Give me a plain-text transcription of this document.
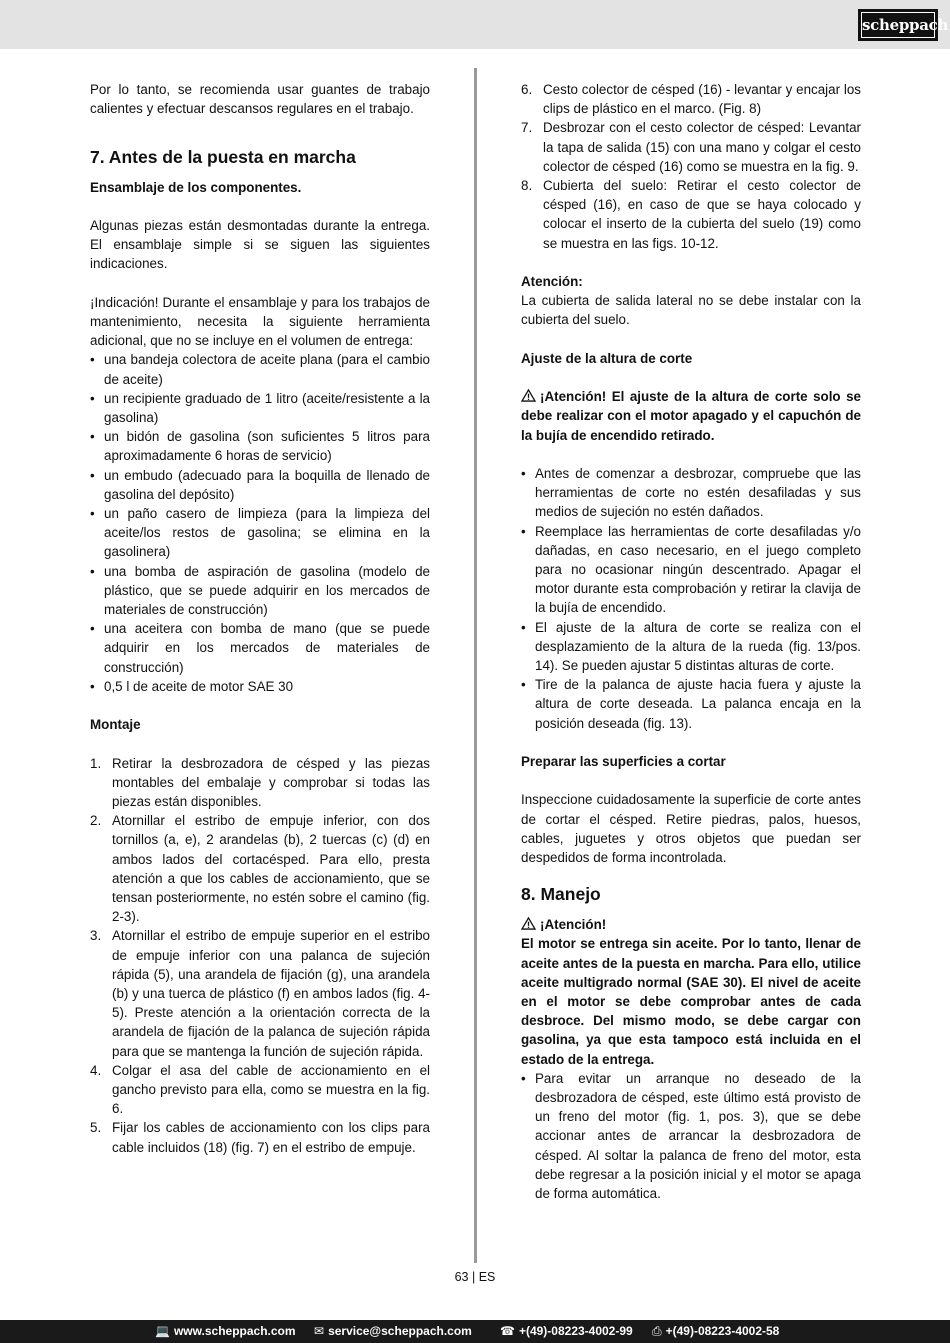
scheppach

Por lo tanto, se recomienda usar guantes de trabajo calientes y efectuar descansos regulares en el trabajo.

7. Antes de la puesta en marcha

Ensamblaje de los componentes.

Algunas piezas están desmontadas durante la entrega. El ensamblaje simple si se siguen las siguientes indicaciones.

¡Indicación! Durante el ensamblaje y para los trabajos de mantenimiento, necesita la siguiente herramienta adicional, que no se incluye en el volumen de entrega:

• una bandeja colectora de aceite plana (para el cambio de aceite)
• un recipiente graduado de 1 litro (aceite/resistente a la gasolina)
• un bidón de gasolina (son suficientes 5 litros para aproximadamente 6 horas de servicio)
• un embudo (adecuado para la boquilla de llenado de gasolina del depósito)
• un paño casero de limpieza (para la limpieza del aceite/los restos de gasolina; se elimina en la gasolinera)
• una bomba de aspiración de gasolina (modelo de plástico, que se puede adquirir en los mercados de materiales de construcción)
• una aceitera con bomba de mano (que se puede adquirir en los mercados de materiales de construcción)
• 0,5 l de aceite de motor SAE 30

Montaje

1. Retirar la desbrozadora de césped y las piezas montables del embalaje y comprobar si todas las piezas están disponibles.
2. Atornillar el estribo de empuje inferior, con dos tornillos (a, e), 2 arandelas (b), 2 tuercas (c) (d) en ambos lados del cortacésped. Para ello, presta atención a que los cables de accionamiento, que se tensan posteriormente, no estén sobre el camino (fig. 2-3).
3. Atornillar el estribo de empuje superior en el estribo de empuje inferior con una palanca de sujeción rápida (5), una arandela de fijación (g), una arandela (b) y una tuerca de plástico (f) en ambos lados (fig. 4-5). Preste atención a la orientación correcta de la arandela de fijación de la palanca de sujeción rápida para que se mantenga la función de sujeción rápida.
4. Colgar el asa del cable de accionamiento en el gancho previsto para ella, como se muestra en la fig. 6.
5. Fijar los cables de accionamiento con los clips para cable incluidos (18) (fig. 7) en el estribo de empuje.
6. Cesto colector de césped (16) - levantar y encajar los clips de plástico en el marco. (Fig. 8)
7. Desbrozar con el cesto colector de césped: Levantar la tapa de salida (15) con una mano y colgar el cesto colector de césped (16) como se muestra en la fig. 9.
8. Cubierta del suelo: Retirar el cesto colector de césped (16), en caso de que se haya colocado y colocar el inserto de la cubierta del suelo (19) como se muestra en las figs. 10-12.

Atención:

La cubierta de salida lateral no se debe instalar con la cubierta del suelo.

Ajuste de la altura de corte

¡Atención! El ajuste de la altura de corte solo se debe realizar con el motor apagado y el capuchón de la bujía de encendido retirado.

• Antes de comenzar a desbrozar, compruebe que las herramientas de corte no estén desafiladas y sus medios de sujeción no estén dañados.
• Reemplace las herramientas de corte desafiladas y/o dañadas, en caso necesario, en el juego completo para no ocasionar ningún descentrado. Apagar el motor durante esta comprobación y retirar la clavija de la bujía de encendido.
• El ajuste de la altura de corte se realiza con el desplazamiento de la altura de la rueda (fig. 13/pos. 14). Se pueden ajustar 5 distintas alturas de corte.
• Tire de la palanca de ajuste hacia fuera y ajuste la altura de corte deseada. La palanca encaja en la posición deseada (fig. 13).

Preparar las superficies a cortar

Inspeccione cuidadosamente la superficie de corte antes de cortar el césped. Retire piedras, palos, huesos, cables, juguetes y otros objetos que puedan ser despedidos de forma incontrolada.

8. Manejo

¡Atención!

El motor se entrega sin aceite. Por lo tanto, llenar de aceite antes de la puesta en marcha. Para ello, utilice aceite multigrado normal (SAE 30). El nivel de aceite en el motor se debe comprobar antes de cada desbroce. Del mismo modo, se debe cargar con gasolina, ya que esta tampoco está incluida en el estado de la entrega.

• Para evitar un arranque no deseado de la desbrozadora de césped, este último está provisto de un freno del motor (fig. 1, pos. 3), que se debe accionar antes de arrancar la desbrozadora de césped. Al soltar la palanca de freno del motor, esta debe regresar a la posición inicial y el motor se apaga de forma automática.
63 | ES
💻 www.scheppach.com ✉ service@scheppach.com ☎ +(49)-08223-4002-99 ⎙ +(49)-08223-4002-58
